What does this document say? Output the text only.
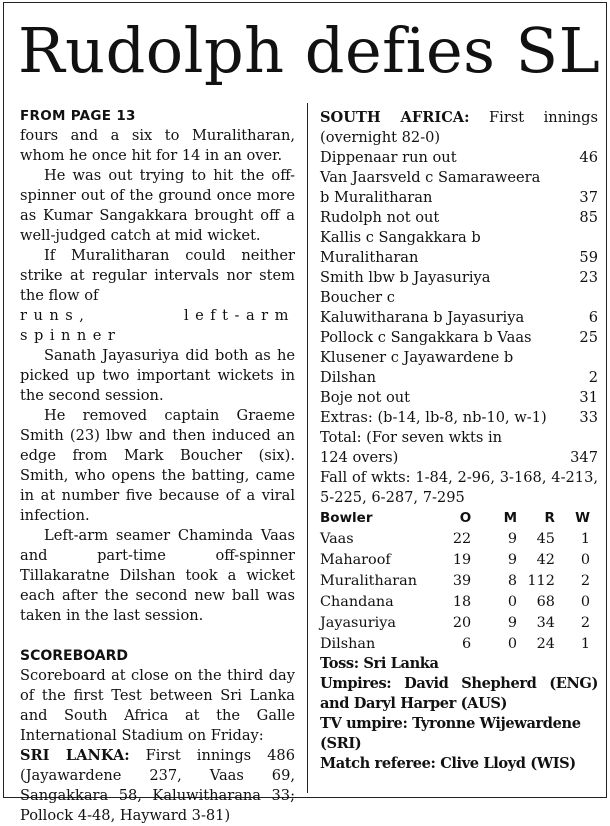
Rudolph defies SL
FROM PAGE 13

fours and a six to Muralitharan, whom he once hit for 14 in an over.

He was out trying to hit the off-spinner out of the ground once more as Kumar Sangakkara brought off a well-judged catch at mid wicket.

If Muralitharan could neither strike at regular intervals nor stem the flow of

runs, left-arm spinner

Sanath Jayasuriya did both as he picked up two important wickets in the second session.

He removed captain Graeme Smith (23) lbw and then induced an edge from Mark Boucher (six). Smith, who opens the batting, came in at number five because of a viral infection.

Left-arm seamer Chaminda Vaas and part-time off-spinner Tillakaratne Dilshan took a wicket each after the second new ball was taken in the last session.

SCOREBOARD

Scoreboard at close on the third day of the first Test between Sri Lanka and South Africa at the Galle International Stadium on Friday:

SRI LANKA: First innings 486 (Jayawardene 237, Vaas 69, Sangakkara 58, Kaluwitharana 33; Pollock 4-48, Hayward 3-81)

SOUTH AFRICA: First innings (overnight 82-0)

Dippenaar run out	46
Van Jaarsveld c Samaraweera
b Muralitharan	37
Rudolph not out	85
Kallis c Sangakkara b
Muralitharan	59
Smith lbw b Jayasuriya	23
Boucher c
Kaluwitharana b Jayasuriya	6
Pollock c Sangakkara b Vaas	25
Klusener c Jayawardene b
Dilshan	2
Boje not out	31
Extras: (b-14, lb-8, nb-10, w-1)	33
Total: (For seven wkts in
124 overs)	347

Fall of wkts: 1-84, 2-96, 3-168, 4-213, 5-225, 6-287, 7-295

Bowler	O	M	R	W
Vaas	22	9	45	1
Maharoof	19	9	42	0
Muralitharan	39	8	112	2
Chandana	18	0	68	0
Jayasuriya	20	9	34	2
Dilshan	6	0	24	1
Toss: Sri Lanka

Umpires: David Shepherd (ENG) and Daryl Harper (AUS)

TV umpire: Tyronne Wijewardene (SRI)
Match referee: Clive Lloyd (WIS)
